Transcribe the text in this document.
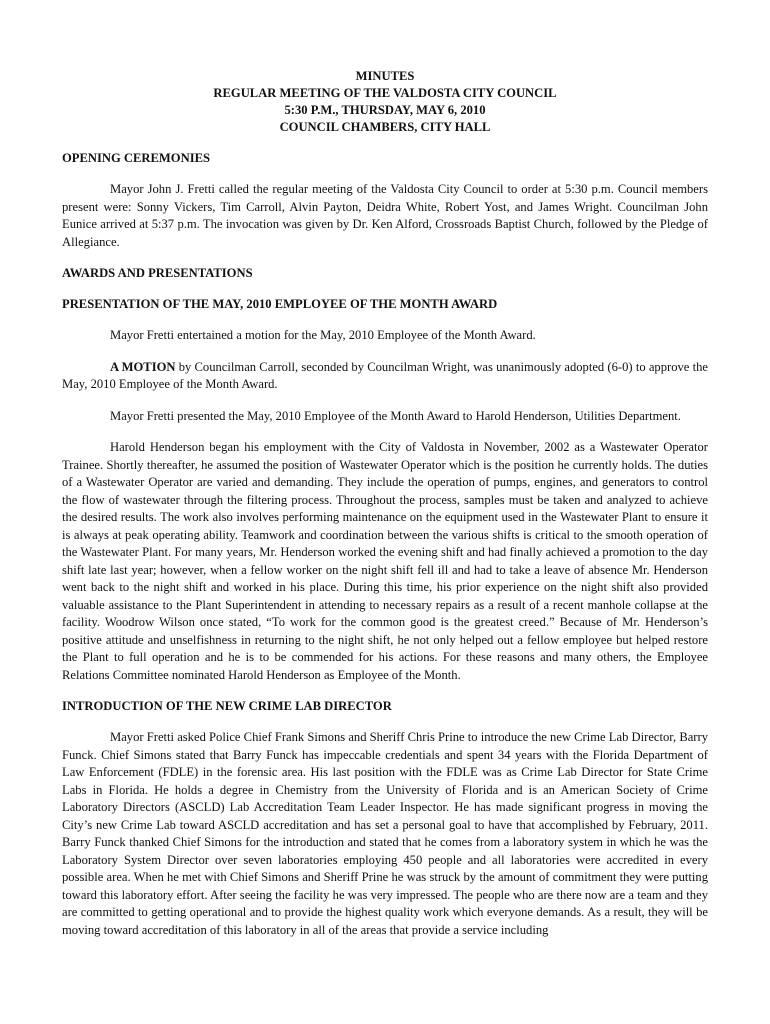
MINUTES
REGULAR MEETING OF THE VALDOSTA CITY COUNCIL
5:30 P.M., THURSDAY, MAY 6, 2010
COUNCIL CHAMBERS, CITY HALL
OPENING CEREMONIES

Mayor John J. Fretti called the regular meeting of the Valdosta City Council to order at 5:30 p.m. Council members present were: Sonny Vickers, Tim Carroll, Alvin Payton, Deidra White, Robert Yost, and James Wright. Councilman John Eunice arrived at 5:37 p.m. The invocation was given by Dr. Ken Alford, Crossroads Baptist Church, followed by the Pledge of Allegiance.

AWARDS AND PRESENTATIONS
PRESENTATION OF THE MAY, 2010 EMPLOYEE OF THE MONTH AWARD

Mayor Fretti entertained a motion for the May, 2010 Employee of the Month Award.

A MOTION by Councilman Carroll, seconded by Councilman Wright, was unanimously adopted (6-0) to approve the May, 2010 Employee of the Month Award.

Mayor Fretti presented the May, 2010 Employee of the Month Award to Harold Henderson, Utilities Department.

Harold Henderson began his employment with the City of Valdosta in November, 2002 as a Wastewater Operator Trainee. Shortly thereafter, he assumed the position of Wastewater Operator which is the position he currently holds. The duties of a Wastewater Operator are varied and demanding. They include the operation of pumps, engines, and generators to control the flow of wastewater through the filtering process. Throughout the process, samples must be taken and analyzed to achieve the desired results. The work also involves performing maintenance on the equipment used in the Wastewater Plant to ensure it is always at peak operating ability. Teamwork and coordination between the various shifts is critical to the smooth operation of the Wastewater Plant. For many years, Mr. Henderson worked the evening shift and had finally achieved a promotion to the day shift late last year; however, when a fellow worker on the night shift fell ill and had to take a leave of absence Mr. Henderson went back to the night shift and worked in his place. During this time, his prior experience on the night shift also provided valuable assistance to the Plant Superintendent in attending to necessary repairs as a result of a recent manhole collapse at the facility. Woodrow Wilson once stated, “To work for the common good is the greatest creed.” Because of Mr. Henderson’s positive attitude and unselfishness in returning to the night shift, he not only helped out a fellow employee but helped restore the Plant to full operation and he is to be commended for his actions. For these reasons and many others, the Employee Relations Committee nominated Harold Henderson as Employee of the Month.

INTRODUCTION OF THE NEW CRIME LAB DIRECTOR

Mayor Fretti asked Police Chief Frank Simons and Sheriff Chris Prine to introduce the new Crime Lab Director, Barry Funck. Chief Simons stated that Barry Funck has impeccable credentials and spent 34 years with the Florida Department of Law Enforcement (FDLE) in the forensic area. His last position with the FDLE was as Crime Lab Director for State Crime Labs in Florida. He holds a degree in Chemistry from the University of Florida and is an American Society of Crime Laboratory Directors (ASCLD) Lab Accreditation Team Leader Inspector. He has made significant progress in moving the City’s new Crime Lab toward ASCLD accreditation and has set a personal goal to have that accomplished by February, 2011. Barry Funck thanked Chief Simons for the introduction and stated that he comes from a laboratory system in which he was the Laboratory System Director over seven laboratories employing 450 people and all laboratories were accredited in every possible area. When he met with Chief Simons and Sheriff Prine he was struck by the amount of commitment they were putting toward this laboratory effort. After seeing the facility he was very impressed. The people who are there now are a team and they are committed to getting operational and to provide the highest quality work which everyone demands. As a result, they will be moving toward accreditation of this laboratory in all of the areas that provide a service including
